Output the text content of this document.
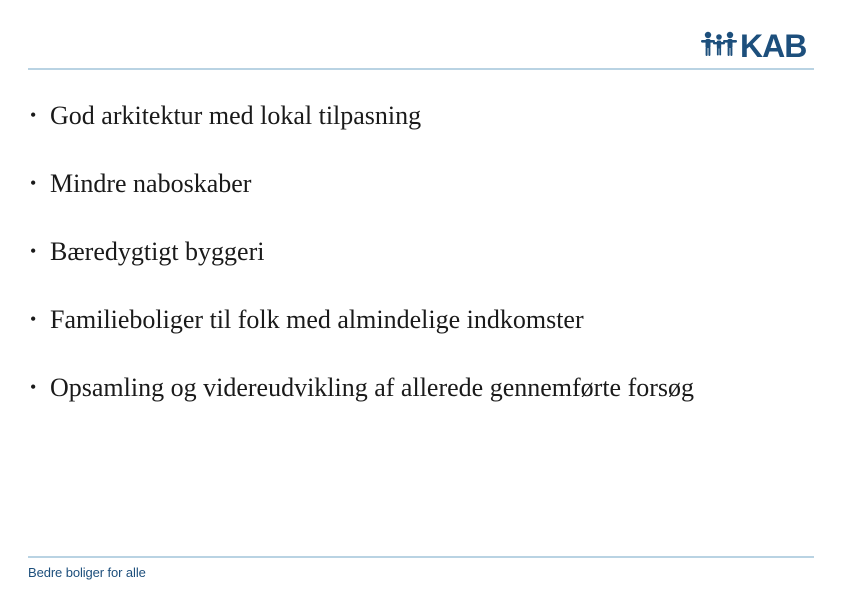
KAB
• God arkitektur med lokal tilpasning
• Mindre naboskaber
• Bæredygtigt byggeri
• Familieboliger til folk med almindelige indkomster
• Opsamling og videreudvikling af allerede gennemførte forsøg
Bedre boliger for alle
